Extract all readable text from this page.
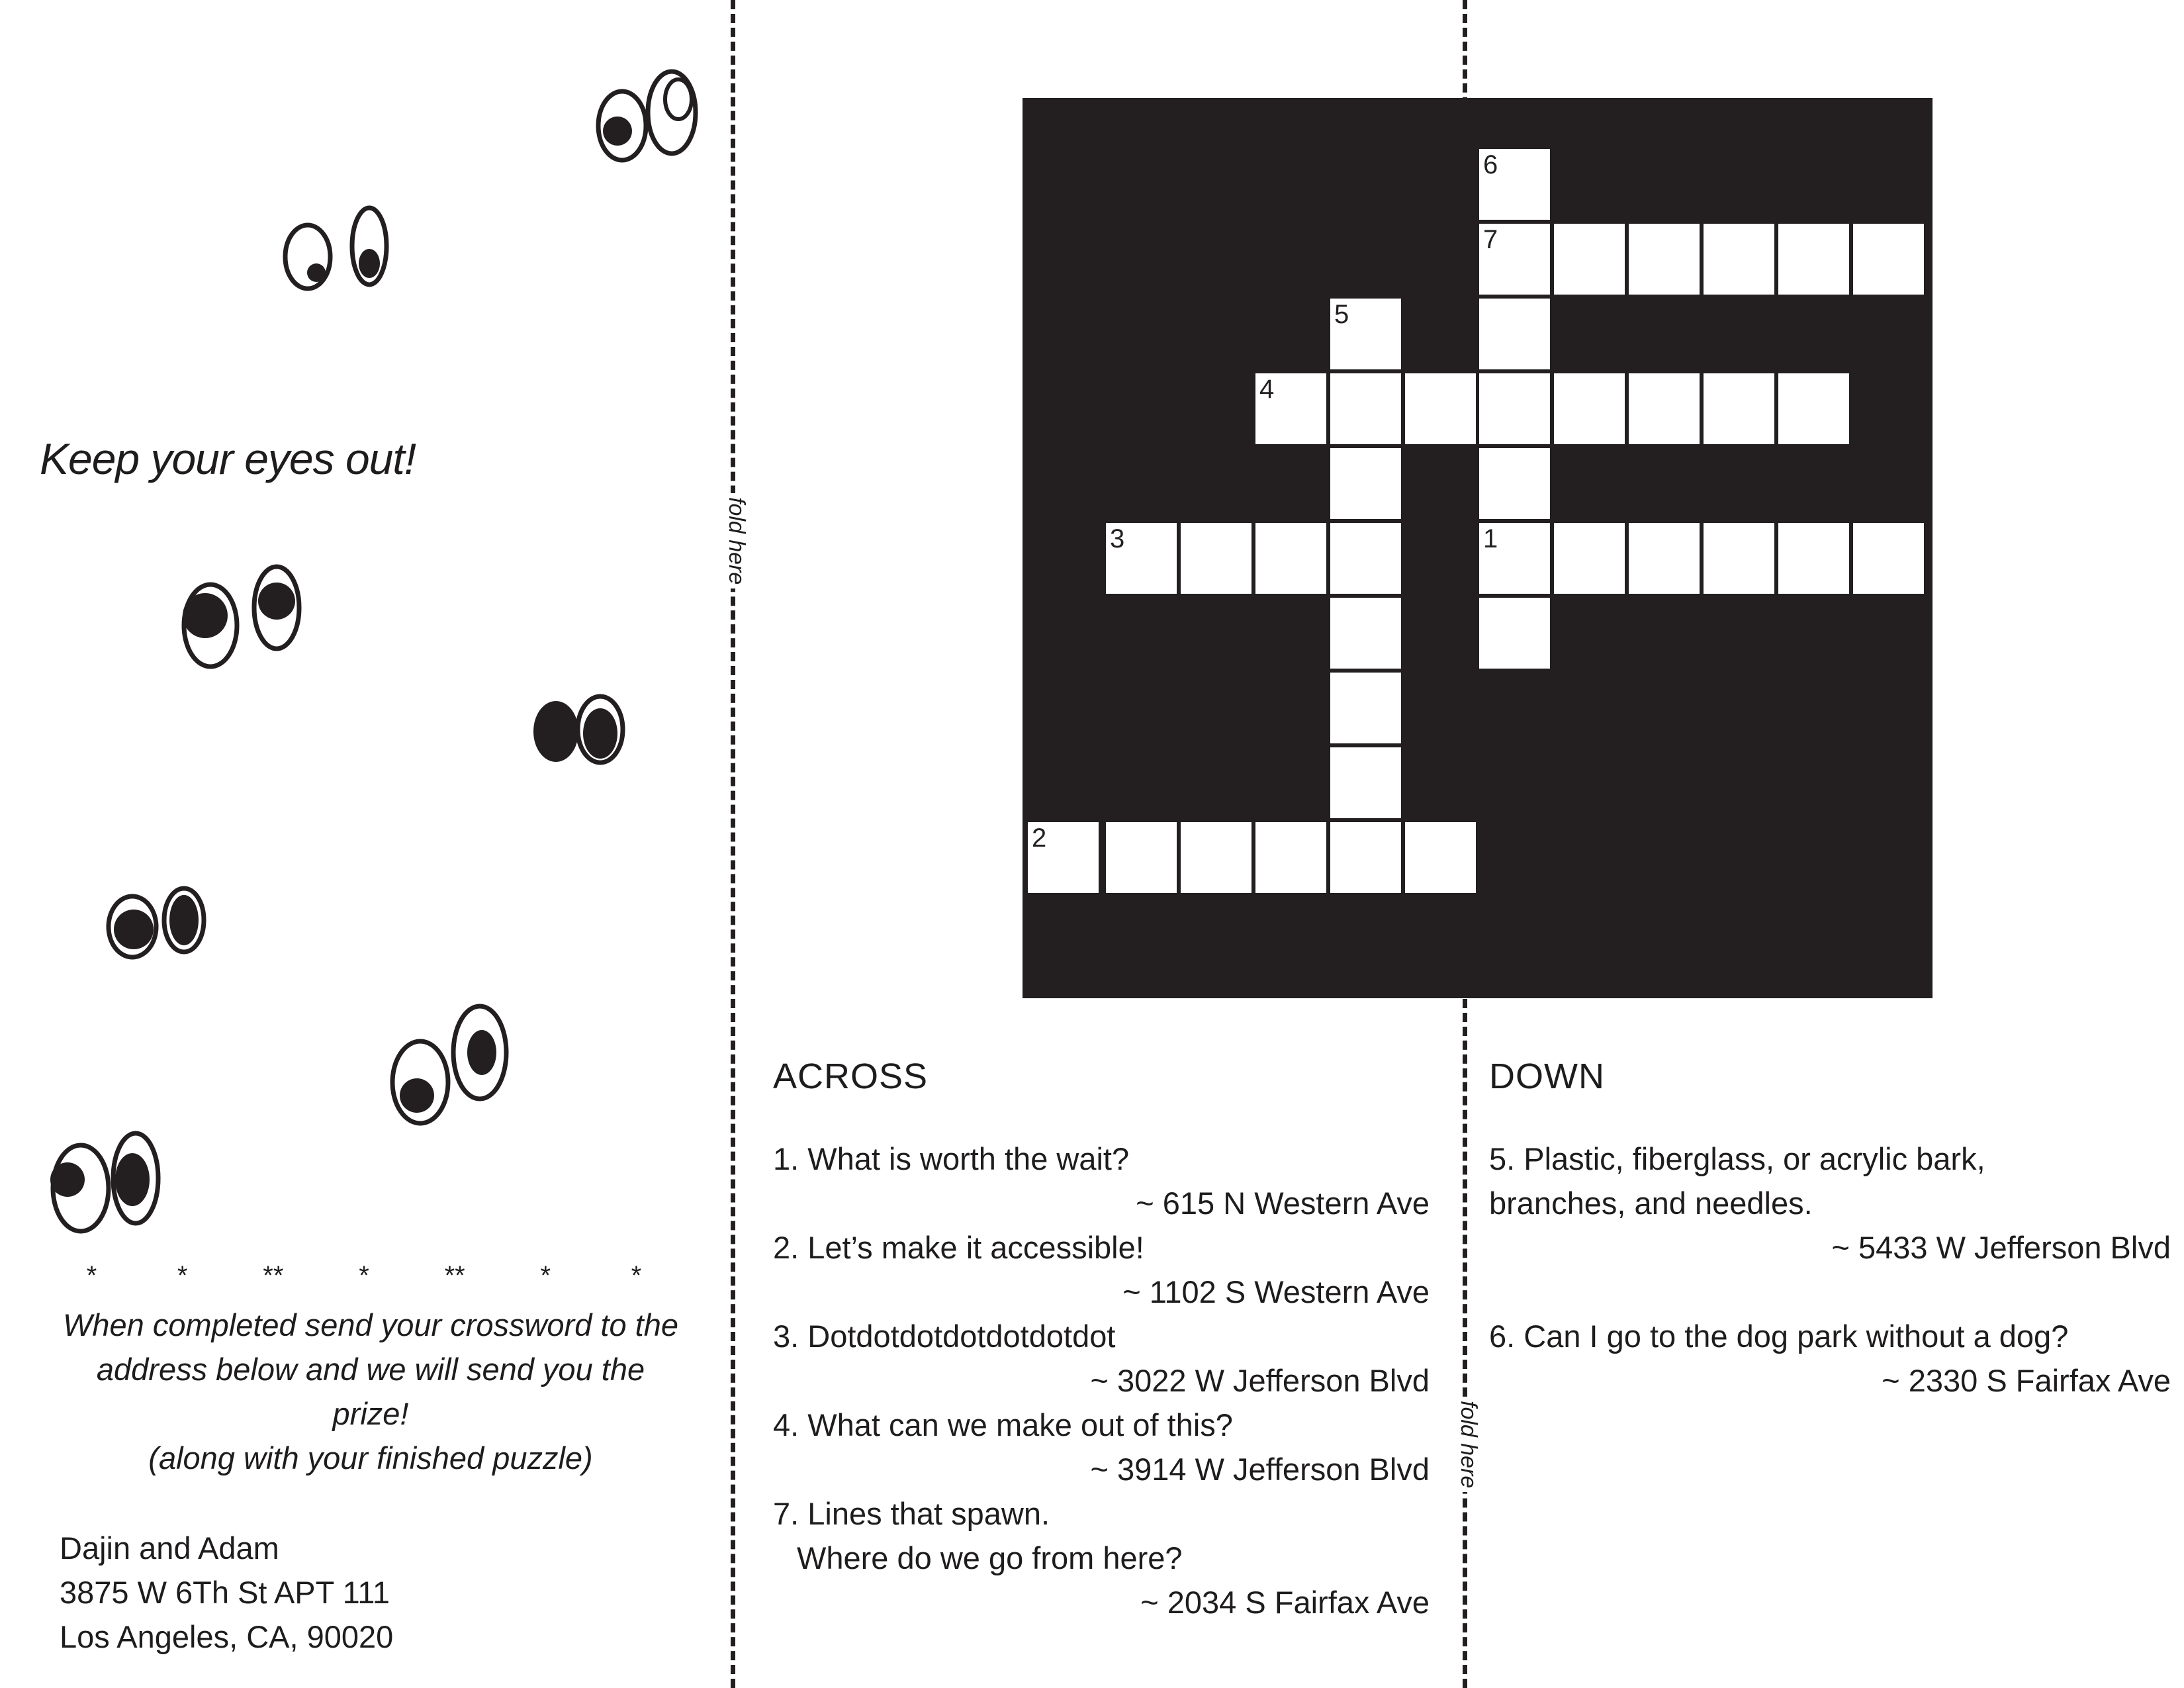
fold here
fold here
Keep your eyes out!
*	*	**	*	**	*	*
When completed send your crossword to the
address below and we will send you the
prize!
(along with your finished puzzle)
Dajin and Adam
3875 W 6Th St APT 111
Los Angeles, CA, 90020
6
7
5
4
3	1
2
ACROSS
1. What is worth the wait?
~ 615 N Western Ave
2. Let’s make it accessible!
~ 1102 S Western Ave
3. Dotdotdotdotdotdotdot
~ 3022 W Jefferson Blvd
4. What can we make out of this?
~ 3914 W Jefferson Blvd
7. Lines that spawn.
Where do we go from here?
~ 2034 S Fairfax Ave
DOWN
5. Plastic, fiberglass, or acrylic bark,
branches, and needles.
~ 5433 W Jefferson Blvd
6. Can I go to the dog park without a dog?
~ 2330 S Fairfax Ave
